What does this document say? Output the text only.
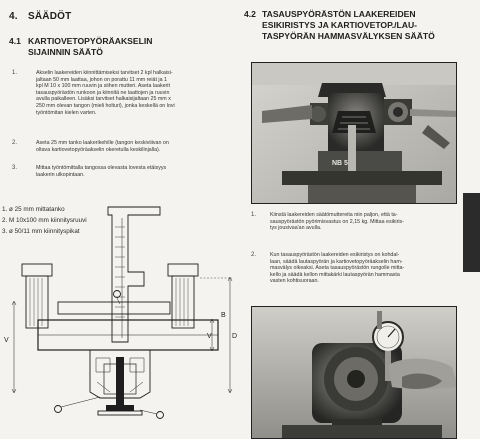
4. SÄÄDÖT
4.1 KARTIOVETOPYÖRÄAKSELIN
SIJAINNIN SÄÄTÖ
1.	Akselin laakereiden kiinnittämiseksi tarvitset 2 kpl halkaisi-
jaltaan 50 mm laattaa, johon on porattu 11 mm reiät ja 1
kpl M 10 x 100 mm ruuvin ja siihen mutteri. Aseta laakerit
tasauspyörästön runkoon ja kiinnitä ne laattojen ja ruuvin
avulla paikalleen. Lisäksi tarvitset halkaisijaltaan 25 mm x
250 mm olevan tangon (mieli holturi), jonka keskellä on lovi
työntömitan kielen varten.
2.	Aseta 25 mm tanko laakerikehille (tangon keskiviiivan on
oltava kartiovetopyöräakselin okeretulla keskilinjalla).
3.	Mittaa työntömittalla tangossa olevasta lovesta etäisyys
laakerin ulkopintaan.
1. ø 25 mm mittatanko
2. M 10x100 mm kiinnitysruuvi
3. ø 50/11 mm kiinnityspikat
V
V	D
B
4.2 TASAUSPYÖRÄSTÖN LAAKEREIDEN
ESIKIRISTYS JA KARTIOVETOP./LAU-
TASPYÖRÄN HAMMASVÄLYKSEN SÄÄTÖ
NB 5
1.	Kiinstä laakereiden säätömuttereita niin paljon, että ta-
sauspyörästön pyörimisvastus on 2,15 kg. Mittaa esikiris-
tys jousivaa'an avulla.
2.	Kun tasauspyörästön laakereiden esikiristys on kohdal-
laan, säädä lautaspyörän ja kartiovetopyöräakselin ham-
masvälys oikeaksi. Aseta tasauspyörästön rungolle mitta-
kello ja säädä kellon mittakärki lautaspyörän hammasta
vasten kohtisuoraan.
